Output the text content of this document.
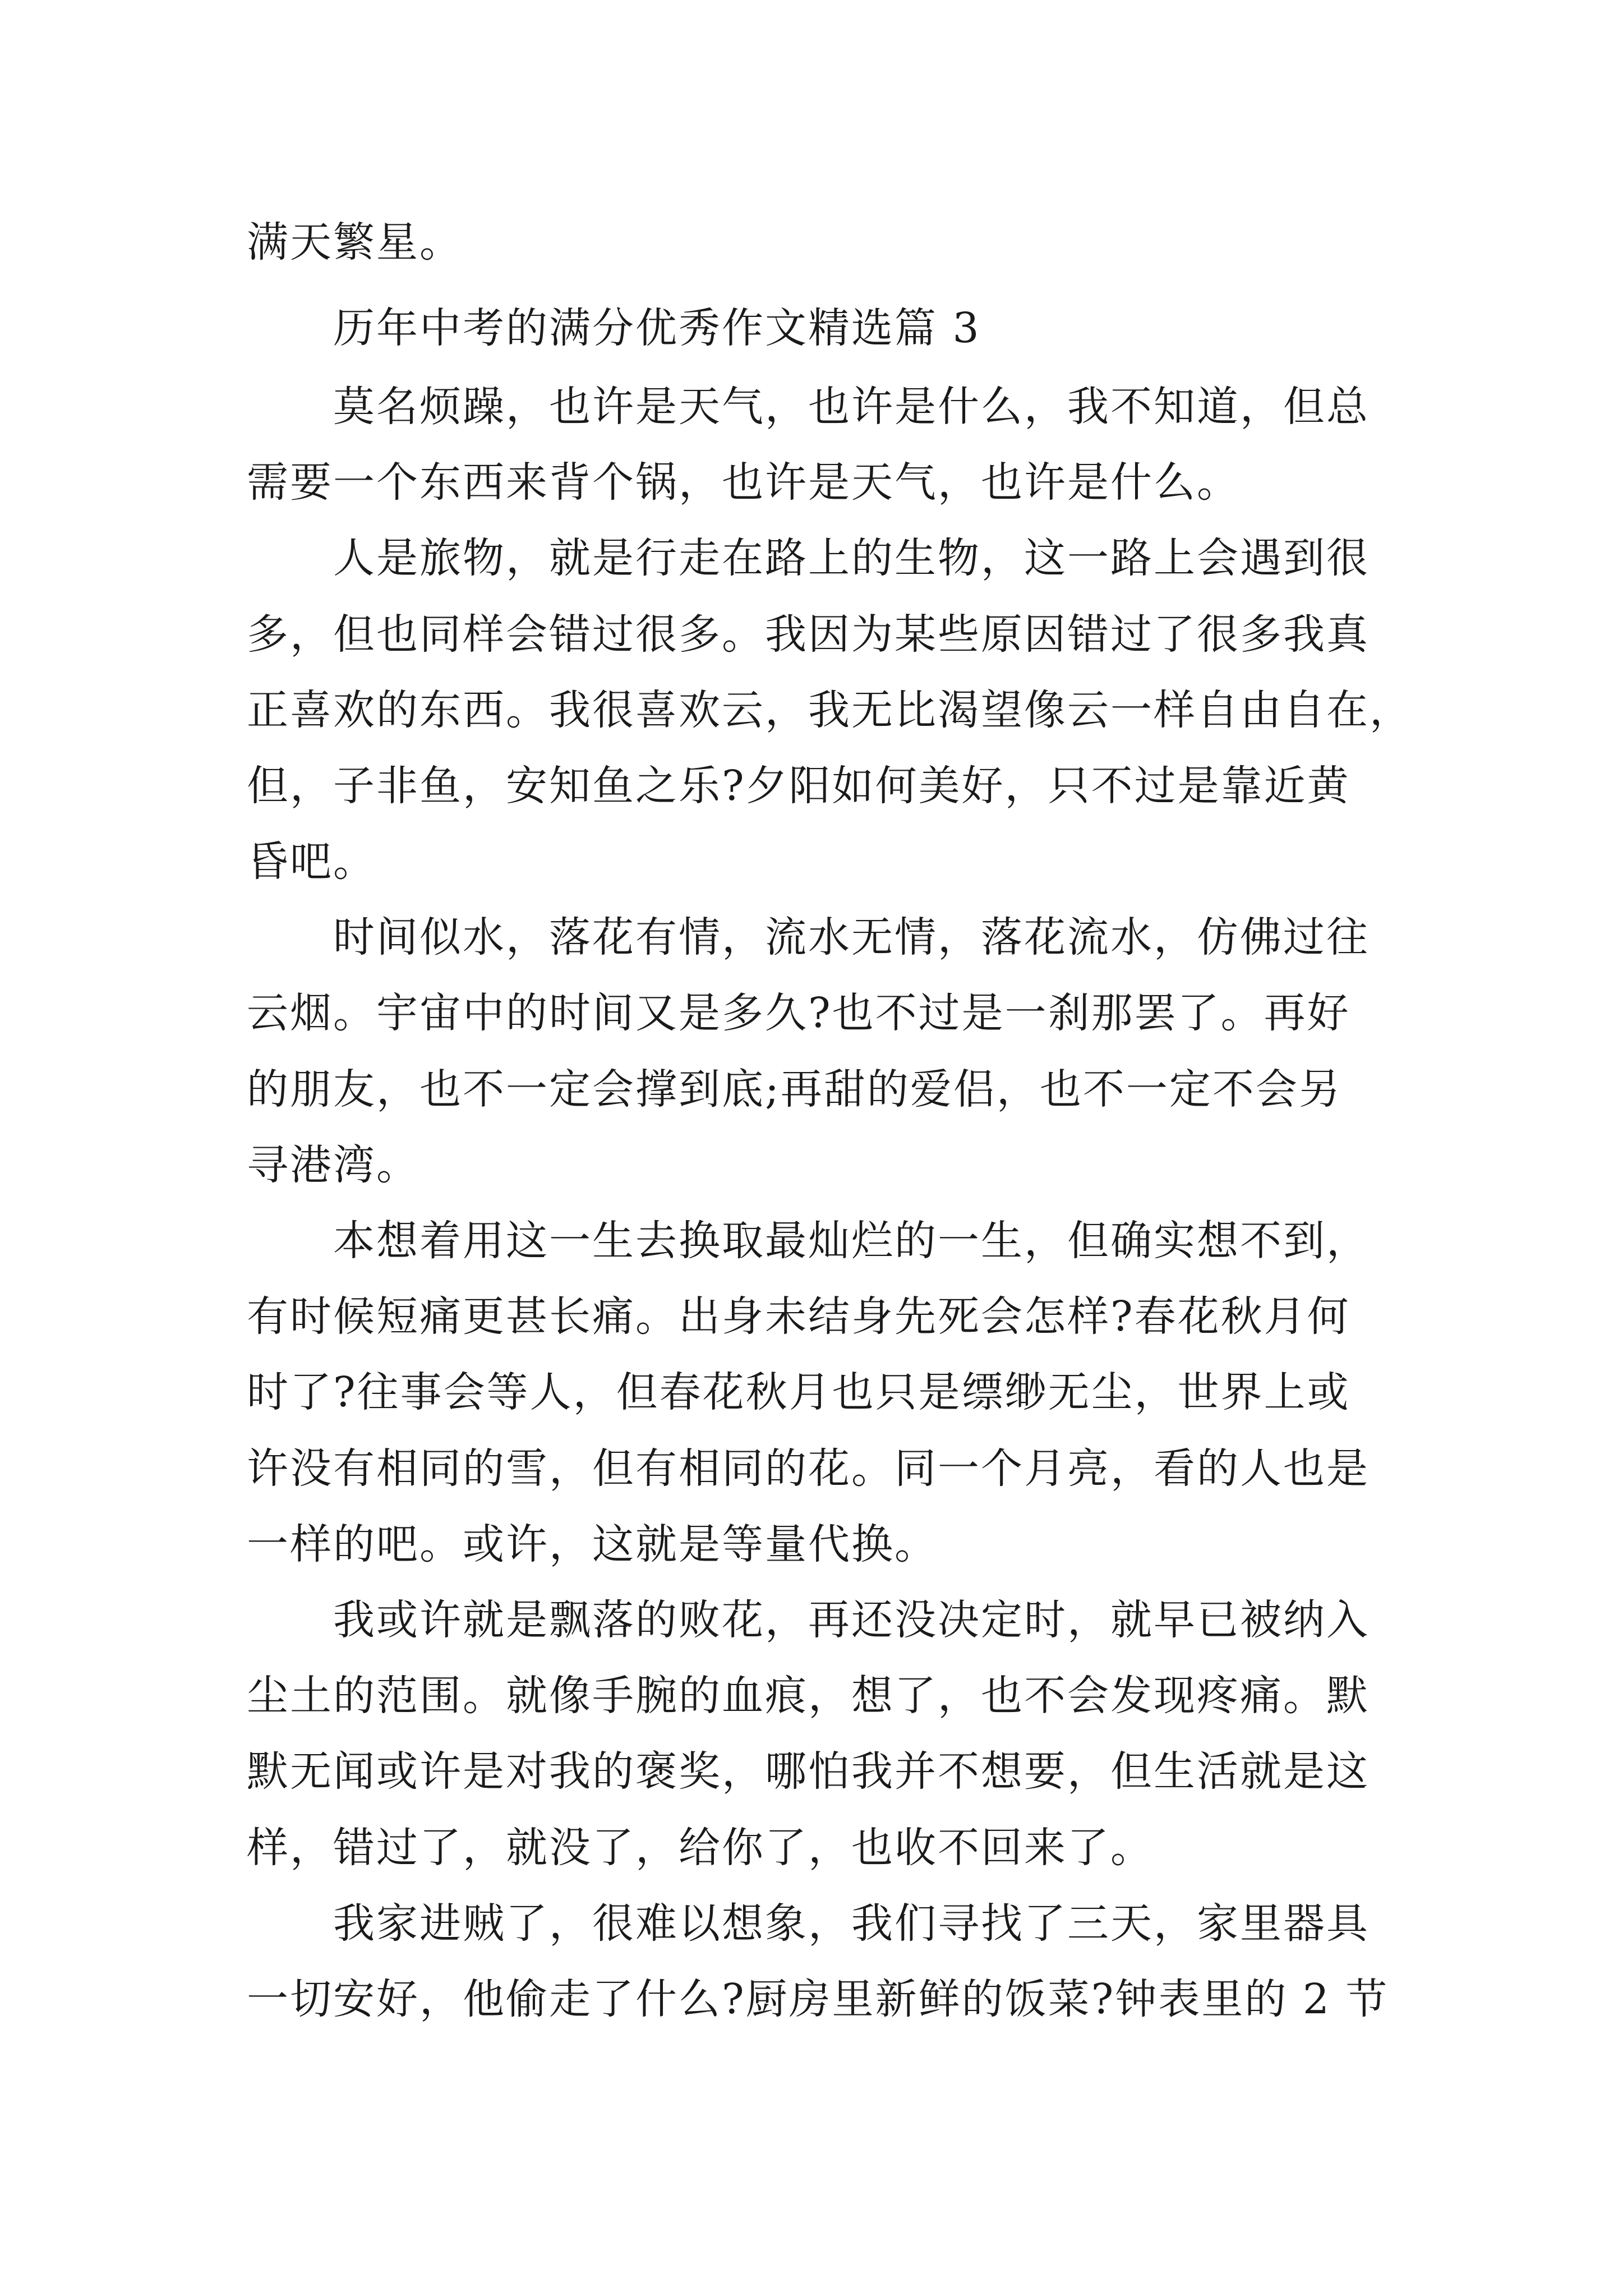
满天繁星。

历年中考的满分优秀作文精选篇 3

莫名烦躁，也许是天气，也许是什么，我不知道，但总

需要一个东西来背个锅，也许是天气，也许是什么。

人是旅物，就是行走在路上的生物，这一路上会遇到很

多，但也同样会错过很多。我因为某些原因错过了很多我真

正喜欢的东西。我很喜欢云，我无比渴望像云一样自由自在，

但，子非鱼，安知鱼之乐?夕阳如何美好，只不过是靠近黄

昏吧。

时间似水，落花有情，流水无情，落花流水，仿佛过往

云烟。宇宙中的时间又是多久?也不过是一刹那罢了。再好

的朋友，也不一定会撑到底;再甜的爱侣，也不一定不会另

寻港湾。

本想着用这一生去换取最灿烂的一生，但确实想不到，

有时候短痛更甚长痛。出身未结身先死会怎样?春花秋月何

时了?往事会等人，但春花秋月也只是缥缈无尘，世界上或

许没有相同的雪，但有相同的花。同一个月亮，看的人也是

一样的吧。或许，这就是等量代换。

我或许就是飘落的败花，再还没决定时，就早已被纳入

尘土的范围。就像手腕的血痕，想了，也不会发现疼痛。默

默无闻或许是对我的褒奖，哪怕我并不想要，但生活就是这

样，错过了，就没了，给你了，也收不回来了。

我家进贼了，很难以想象，我们寻找了三天，家里器具

一切安好，他偷走了什么?厨房里新鲜的饭菜?钟表里的 2 节
